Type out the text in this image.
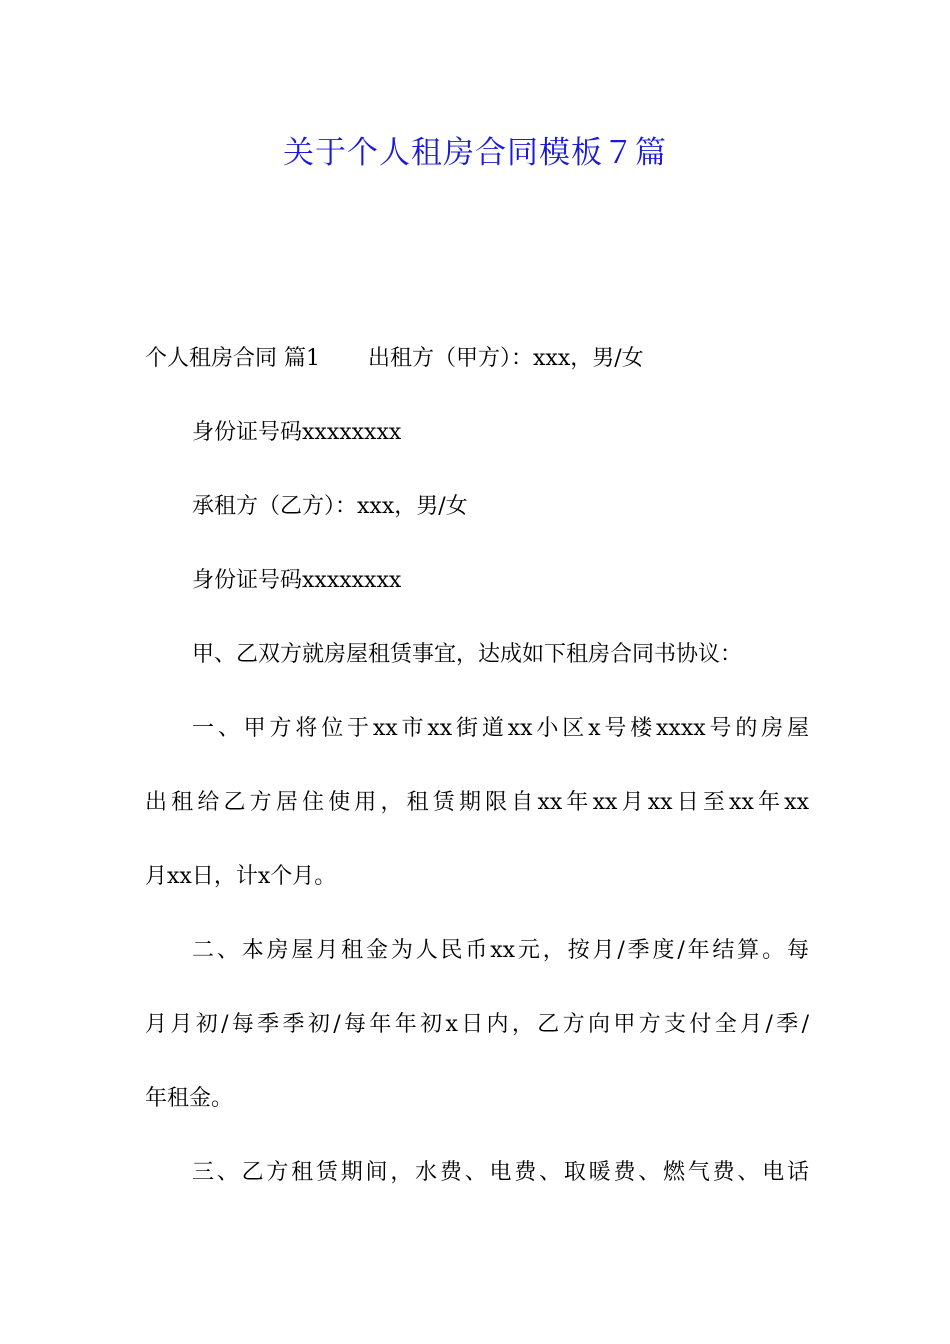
关于个人租房合同模板７篇
个人租房合同 篇1 出租方（甲方）：xxx，男/女
身份证号码xxxxxxxx
承租方（乙方）：xxx，男/女
身份证号码xxxxxxxx
甲、乙双方就房屋租赁事宜，达成如下租房合同书协议：
一、甲方将位于xx市xx街道xx小区x号楼xxxx号的房屋
出租给乙方居住使用，租赁期限自xx年xx月xx日至xx年xx
月xx日，计x个月。
二、本房屋月租金为人民币xx元，按月/季度/年结算。每
月月初/每季季初/每年年初x日内，乙方向甲方支付全月/季/
年租金。
三、乙方租赁期间，水费、电费、取暖费、燃气费、电话
